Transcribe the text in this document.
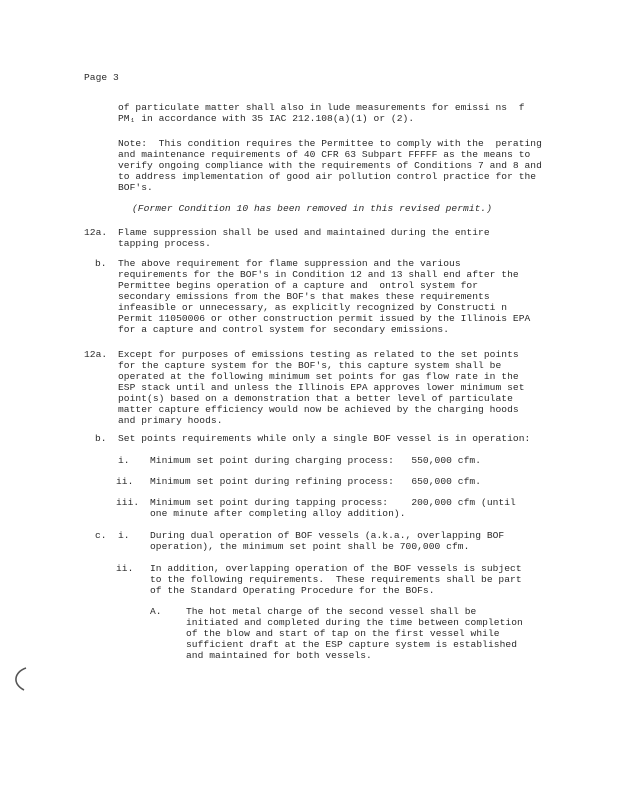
Page 3
of particulate matter shall also in lude measurements for emissi ns  f
PM₁ in accordance with 35 IAC 212.108(a)(1) or (2).
Note:  This condition requires the Permittee to comply with the  perating
and maintenance requirements of 40 CFR 63 Subpart FFFFF as the means to
verify ongoing compliance with the requirements of Conditions 7 and 8 and
to address implementation of good air pollution control practice for the
BOF's.
(Former Condition 10 has been removed in this revised permit.)
12a. Flame suppression shall be used and maintained during the entire
tapping process.
b. The above requirement for flame suppression and the various
requirements for the BOF's in Condition 12 and 13 shall end after the
Permittee begins operation of a capture and  ontrol system for
secondary emissions from the BOF's that makes these requirements
infeasible or unnecessary, as explicitly recognized by Constructi n
Permit 11050006 or other construction permit issued by the Illinois EPA
for a capture and control system for secondary emissions.
12a. Except for purposes of emissions testing as related to the set points
for the capture system for the BOF's, this capture system shall be
operated at the following minimum set points for gas flow rate in the
ESP stack until and unless the Illinois EPA approves lower minimum set
point(s) based on a demonstration that a better level of particulate
matter capture efficiency would now be achieved by the charging hoods
and primary hoods.
b. Set points requirements while only a single BOF vessel is in operation:
i. Minimum set point during charging process:   550,000 cfm.
ii. Minimum set point during refining process:   650,000 cfm.
iii. Minimum set point during tapping process:    200,000 cfm (until
one minute after completing alloy addition).
c. i. During dual operation of BOF vessels (a.k.a., overlapping BOF
operation), the minimum set point shall be 700,000 cfm.
ii. In addition, overlapping operation of the BOF vessels is subject
to the following requirements.  These requirements shall be part
of the Standard Operating Procedure for the BOFs.
A.	The hot metal charge of the second vessel shall be
initiated and completed during the time between completion
of the blow and start of tap on the first vessel while
sufficient draft at the ESP capture system is established
and maintained for both vessels.
